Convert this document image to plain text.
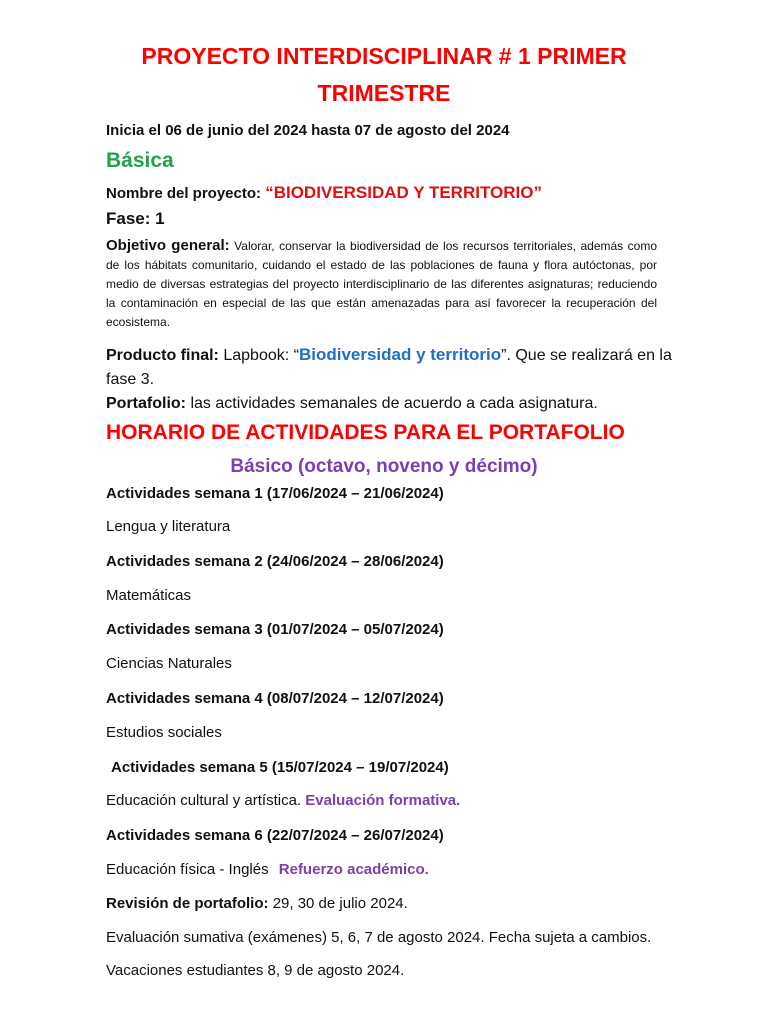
PROYECTO INTERDISCIPLINAR # 1 PRIMER
TRIMESTRE
Inicia el 06 de junio del 2024 hasta 07 de agosto del 2024
Básica
Nombre del proyecto: “BIODIVERSIDAD Y TERRITORIO”
Fase: 1

Objetivo general: Valorar, conservar la biodiversidad de los recursos territoriales, además como de los hábitats comunitario, cuidando el estado de las poblaciones de fauna y flora autóctonas, por medio de diversas estrategias del proyecto interdisciplinario de las diferentes asignaturas; reduciendo la contaminación en especial de las que están amenazadas para así favorecer la recuperación del ecosistema.

Producto final: Lapbook: “Biodiversidad y territorio”. Que se realizará en la
fase 3.
Portafolio: las actividades semanales de acuerdo a cada asignatura.
HORARIO DE ACTIVIDADES PARA EL PORTAFOLIO
Básico (octavo, noveno y décimo)
Actividades semana 1 (17/06/2024 – 21/06/2024)
Lengua y literatura
Actividades semana 2 (24/06/2024 – 28/06/2024)
Matemáticas
Actividades semana 3 (01/07/2024 – 05/07/2024)
Ciencias Naturales
Actividades semana 4 (08/07/2024 – 12/07/2024)
Estudios sociales
Actividades semana 5 (15/07/2024 – 19/07/2024)
Educación cultural y artística. Evaluación formativa.
Actividades semana 6 (22/07/2024 – 26/07/2024)
Educación física - Inglés Refuerzo académico.
Revisión de portafolio: 29, 30 de julio 2024.
Evaluación sumativa (exámenes) 5, 6, 7 de agosto 2024. Fecha sujeta a cambios.
Vacaciones estudiantes 8, 9 de agosto 2024.
